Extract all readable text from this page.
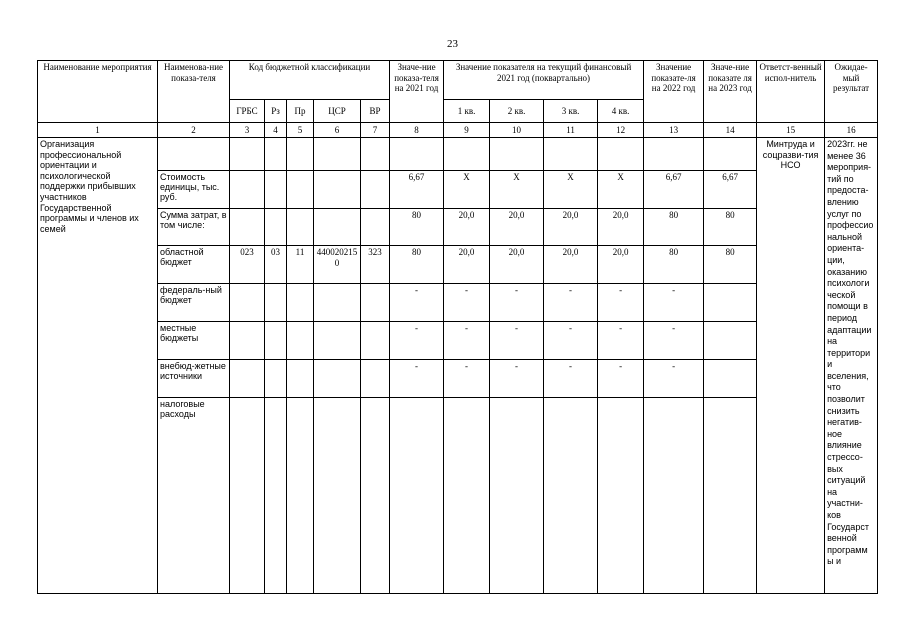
23
Наименование мероприятия	Наименова-ние показа-теля	Код бюджетной классификации					Значе-ние показа-теля на 2021 год	Значение показателя на текущий финансовый 2021 год (поквартально)				Значение показате-ля на 2022 год	Значе-ние показате ля на 2023 год	Ответст-венный испол-нитель	Ожидае-мый результат
		ГРБС	Рз	Пр	ЦСР	ВР		1 кв.	2 кв.	3 кв.	4 кв.				
1	2	3	4	5	6	7	8	9	10	11	12	13	14	15	16
Организация профессиональной ориентации и психологической поддержки прибывших участников Государственной программы и членов их семей														Минтруда и соцразви-тия НСО	2023гг. не менее 36 мероприя-тий по предоста-влению услуг по профессио нальной ориента-ции, оказанию психологи ческой помощи в период адаптации на территори и вселения, что позволит снизить негатив-ное влияние стрессо-вых ситуаций на участни-ков Государст венной программ ы и
	Стоимость единицы, тыс. руб.						6,67	X	X	X	X	6,67	6,67		
	Сумма затрат, в том числе:						80	20,0	20,0	20,0	20,0	80	80		
	областной бюджет	023	03	11	4400202150	323	80	20,0	20,0	20,0	20,0	80	80		
	федераль-ный бюджет						-	-	-	-	-	-			
	местные бюджеты						-	-	-	-	-	-			
	внебюд-жетные источники						-	-	-	-	-	-			
	налоговые расходы														
